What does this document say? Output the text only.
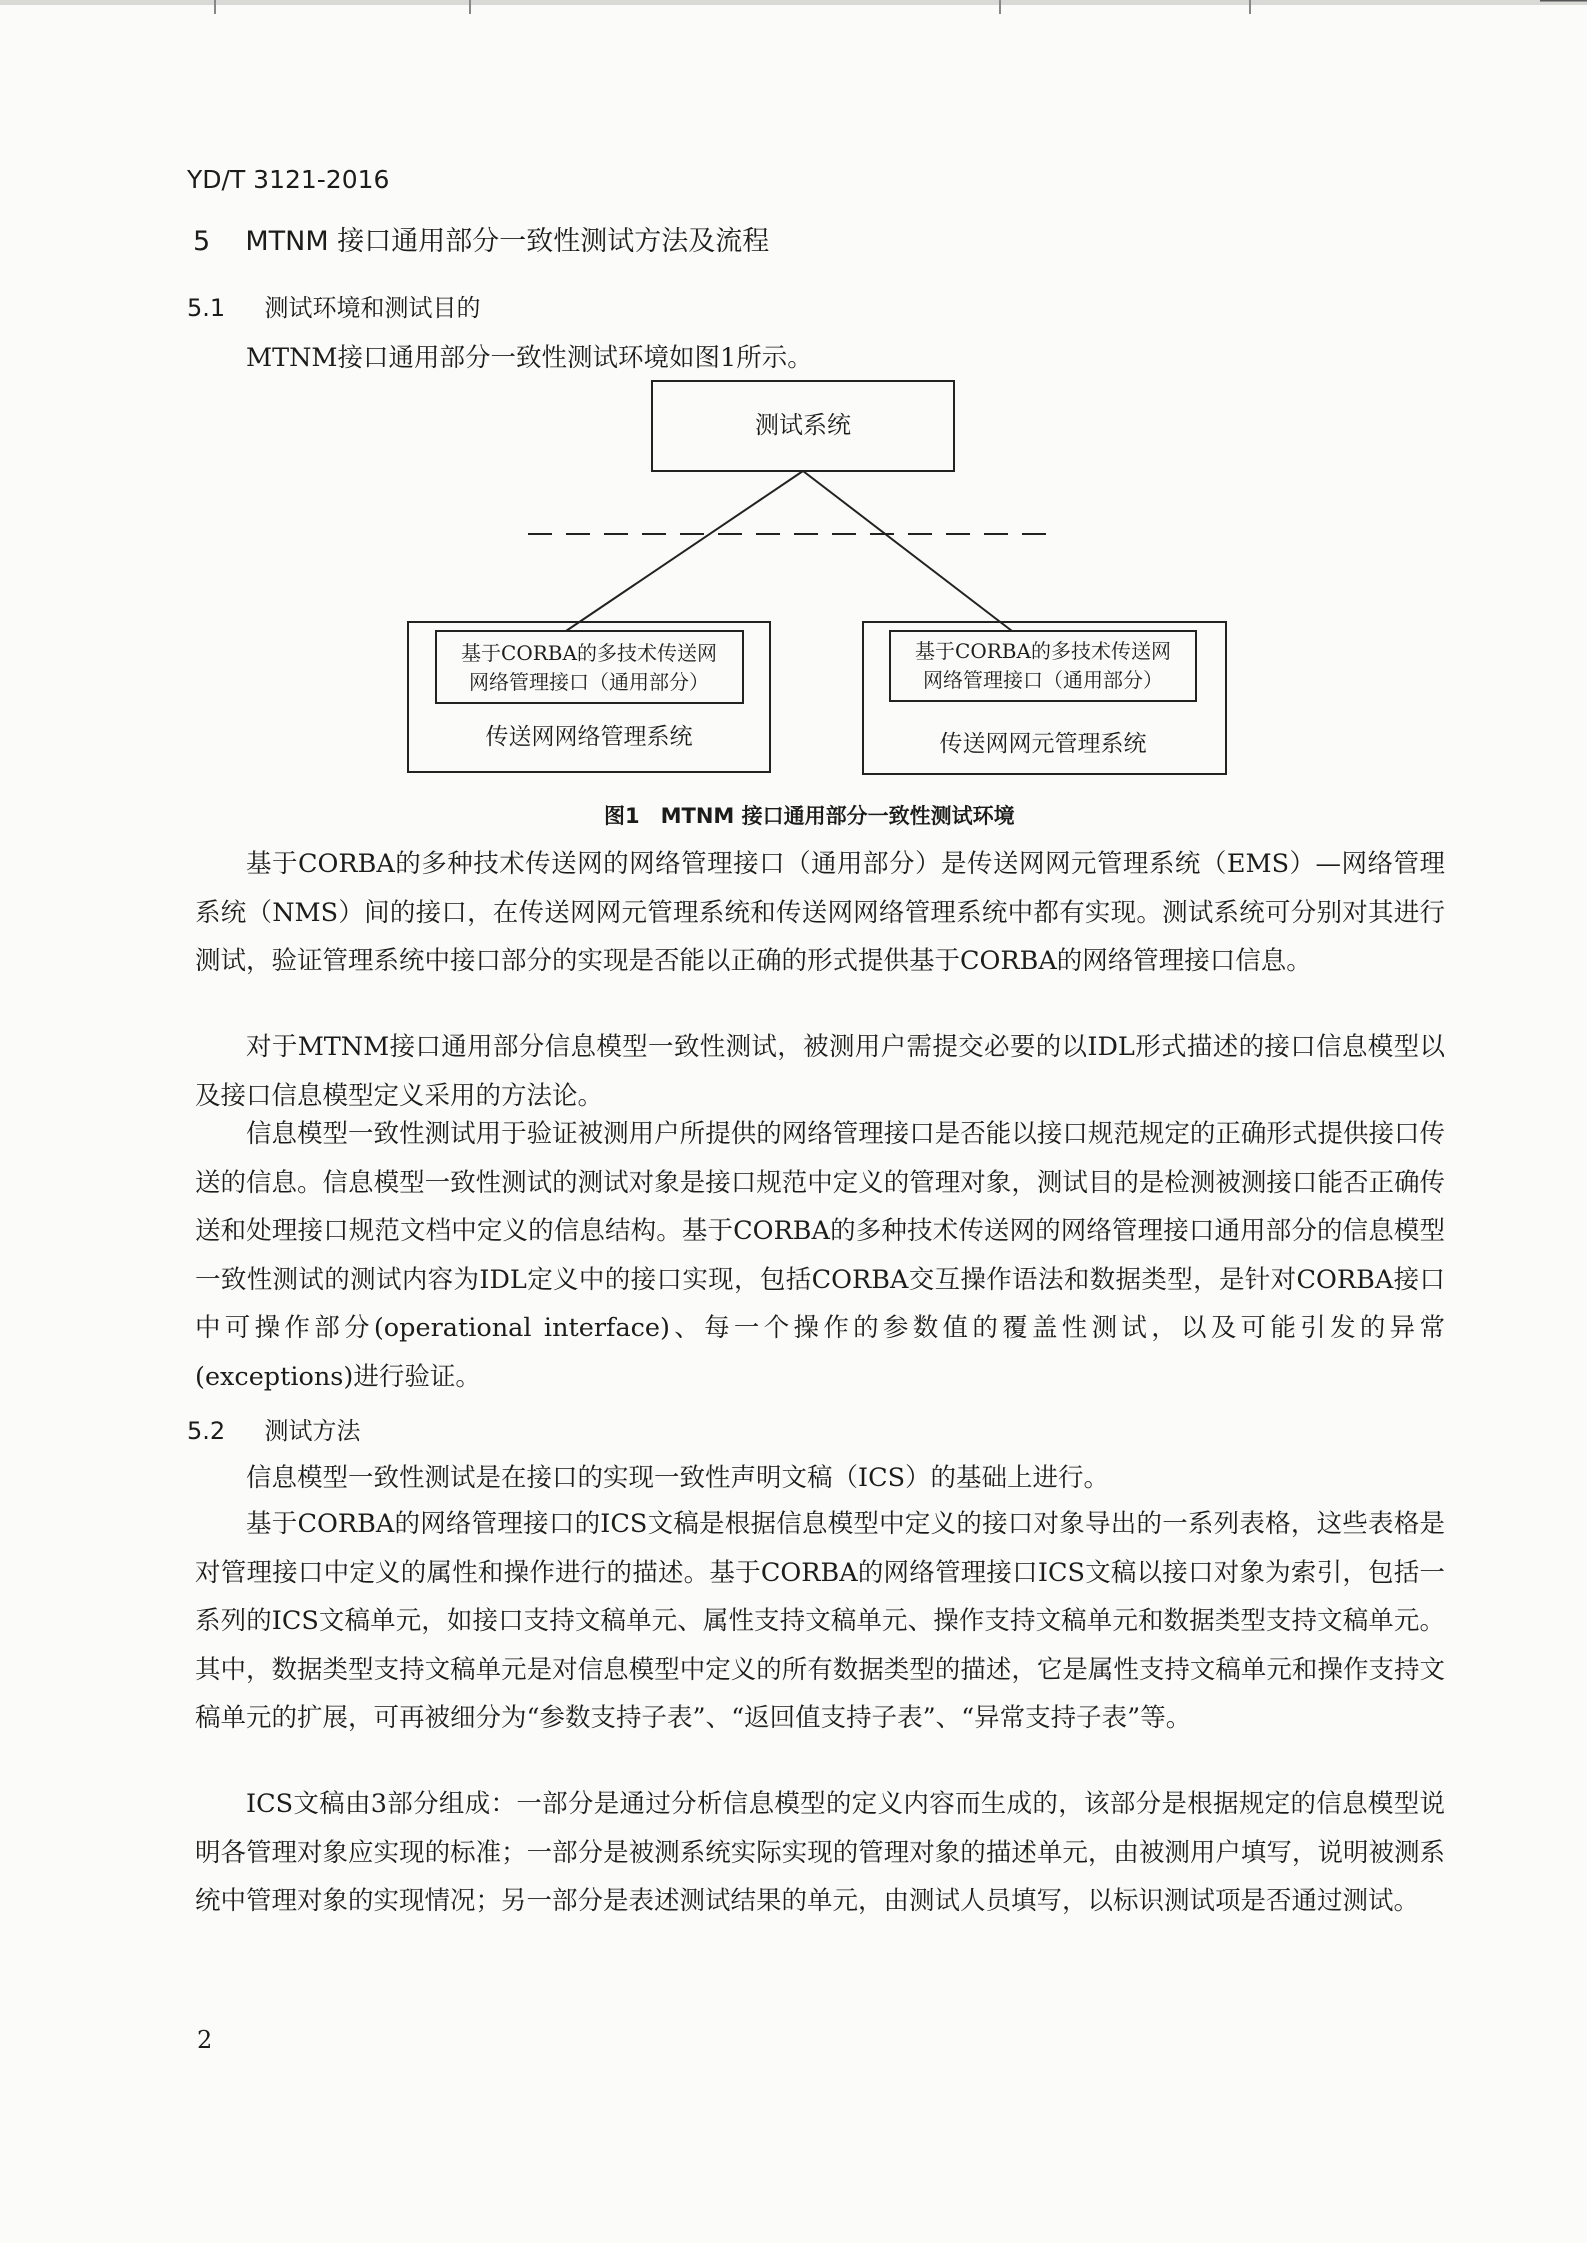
YD/T 3121-2016
5 MTNM 接口通用部分一致性测试方法及流程
5.1 测试环境和测试目的

MTNM接口通用部分一致性测试环境如图1所示。

测试系统
基于CORBA的多技术传送网
网络管理接口（通用部分）
传送网网络管理系统
基于CORBA的多技术传送网
网络管理接口（通用部分）
传送网网元管理系统
图1　MTNM 接口通用部分一致性测试环境

基于CORBA的多种技术传送网的网络管理接口（通用部分）是传送网网元管理系统（EMS）—网络管理系统（NMS）间的接口，在传送网网元管理系统和传送网网络管理系统中都有实现。测试系统可分别对其进行测试，验证管理系统中接口部分的实现是否能以正确的形式提供基于CORBA的网络管理接口信息。

对于MTNM接口通用部分信息模型一致性测试，被测用户需提交必要的以IDL形式描述的接口信息模型以及接口信息模型定义采用的方法论。

信息模型一致性测试用于验证被测用户所提供的网络管理接口是否能以接口规范规定的正确形式提供接口传送的信息。信息模型一致性测试的测试对象是接口规范中定义的管理对象，测试目的是检测被测接口能否正确传送和处理接口规范文档中定义的信息结构。基于CORBA的多种技术传送网的网络管理接口通用部分的信息模型一致性测试的测试内容为IDL定义中的接口实现，包括CORBA交互操作语法和数据类型，是针对CORBA接口中可操作部分(operational interface)、每一个操作的参数值的覆盖性测试，以及可能引发的异常(exceptions)进行验证。

5.2 测试方法

信息模型一致性测试是在接口的实现一致性声明文稿（ICS）的基础上进行。

基于CORBA的网络管理接口的ICS文稿是根据信息模型中定义的接口对象导出的一系列表格，这些表格是对管理接口中定义的属性和操作进行的描述。基于CORBA的网络管理接口ICS文稿以接口对象为索引，包括一系列的ICS文稿单元，如接口支持文稿单元、属性支持文稿单元、操作支持文稿单元和数据类型支持文稿单元。其中，数据类型支持文稿单元是对信息模型中定义的所有数据类型的描述，它是属性支持文稿单元和操作支持文稿单元的扩展，可再被细分为“参数支持子表”、“返回值支持子表”、“异常支持子表”等。

ICS文稿由3部分组成：一部分是通过分析信息模型的定义内容而生成的，该部分是根据规定的信息模型说明各管理对象应实现的标准；一部分是被测系统实际实现的管理对象的描述单元，由被测用户填写，说明被测系统中管理对象的实现情况；另一部分是表述测试结果的单元，由测试人员填写，以标识测试项是否通过测试。

2
